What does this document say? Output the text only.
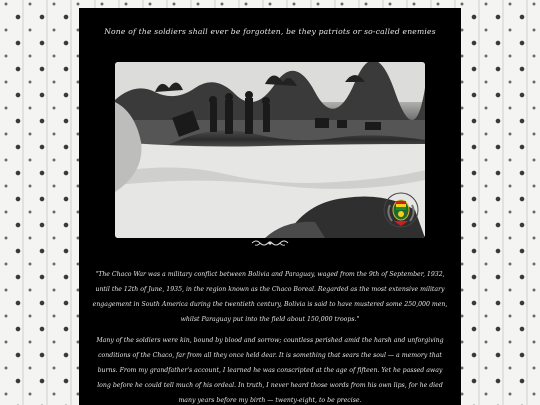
None of the soldiers shall ever be forgotten, be they patriots or so-called enemies
"The Chaco War was a military conflict between Bolivia and Paraguay, waged from the 9th of September, 1932, until the 12th of June, 1935, in the region known as the Chaco Boreal. Regarded as the most extensive military engagement in South America during the twentieth century, Bolivia is said to have mustered some 250,000 men, whilst Paraguay put into the field about 150,000 troops."
Many of the soldiers were kin, bound by blood and sorrow; countless perished amid the harsh and unforgiving conditions of the Chaco, far from all they once held dear. It is something that sears the soul — a memory that burns. From my grandfather's account, I learned he was conscripted at the age of fifteen. Yet he passed away long before he could tell much of his ordeal. In truth, I never heard those words from his own lips, for he died many years before my birth — twenty-eight, to be precise.
